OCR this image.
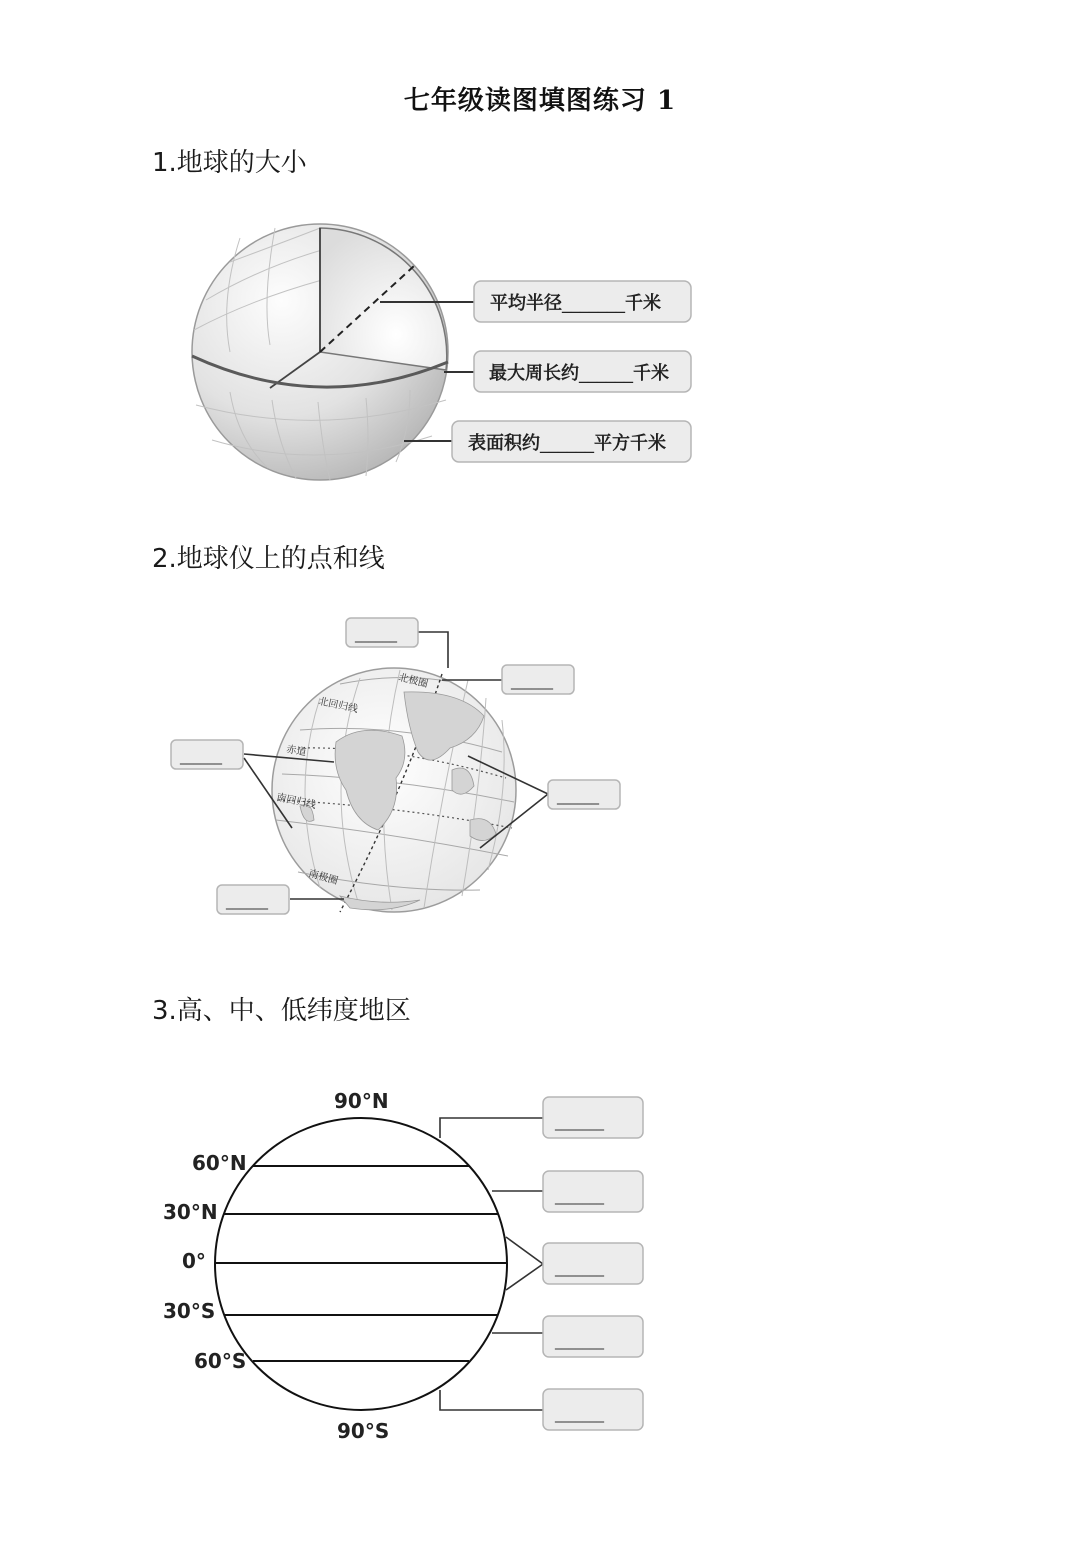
七年级读图填图练习 1
1.地球的大小
2.地球仪上的点和线
3.高、中、低纬度地区
平均半径_______千米
最大周长约______千米
表面积约______平方千米
北极圈
北回归线
赤道
南回归线
南极圈
______
______
______
______
______
90°N
60°N
30°N
0°
30°S
60°S
90°S
_______
_______
_______
_______
_______
